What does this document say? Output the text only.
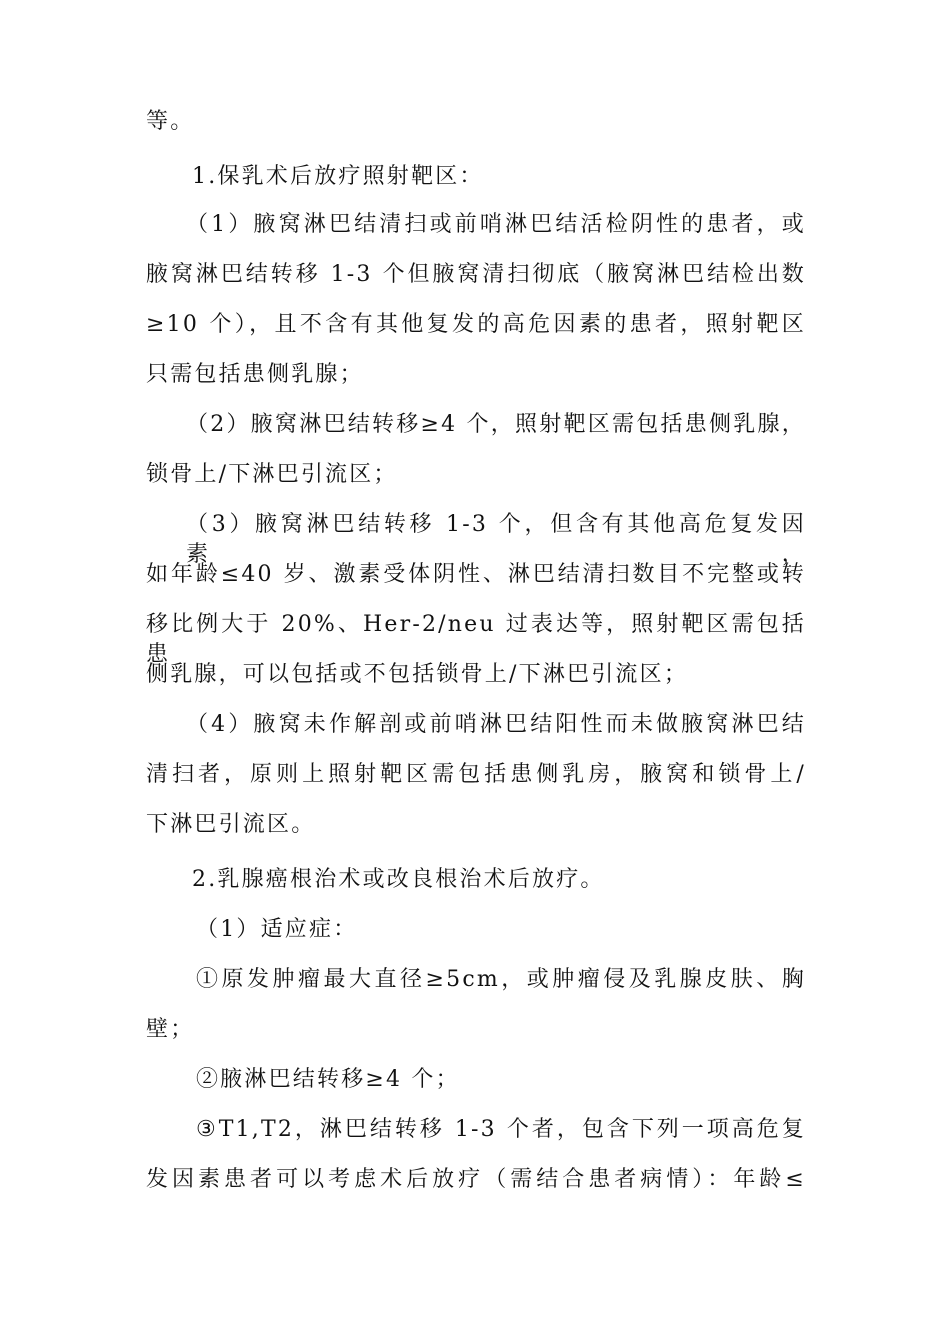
等。
1.保乳术后放疗照射靶区：
（1）腋窝淋巴结清扫或前哨淋巴结活检阴性的患者，或
腋窝淋巴结转移 1-3 个但腋窝清扫彻底（腋窝淋巴结检出数
≥10 个），且不含有其他复发的高危因素的患者，照射靶区
只需包括患侧乳腺；
（2）腋窝淋巴结转移≥4 个，照射靶区需包括患侧乳腺，
锁骨上/下淋巴引流区；
（3）腋窝淋巴结转移 1-3 个，但含有其他高危复发因素，
如年龄≤40 岁、激素受体阴性、淋巴结清扫数目不完整或转
移比例大于 20%、Her-2/neu 过表达等，照射靶区需包括患
侧乳腺，可以包括或不包括锁骨上/下淋巴引流区；
（4）腋窝未作解剖或前哨淋巴结阳性而未做腋窝淋巴结
清扫者，原则上照射靶区需包括患侧乳房，腋窝和锁骨上/
下淋巴引流区。
2.乳腺癌根治术或改良根治术后放疗。
（1）适应症：
①原发肿瘤最大直径≥5cm，或肿瘤侵及乳腺皮肤、胸
壁；
②腋淋巴结转移≥4 个；
③T1,T2，淋巴结转移 1-3 个者，包含下列一项高危复
发因素患者可以考虑术后放疗（需结合患者病情）：年龄≤
